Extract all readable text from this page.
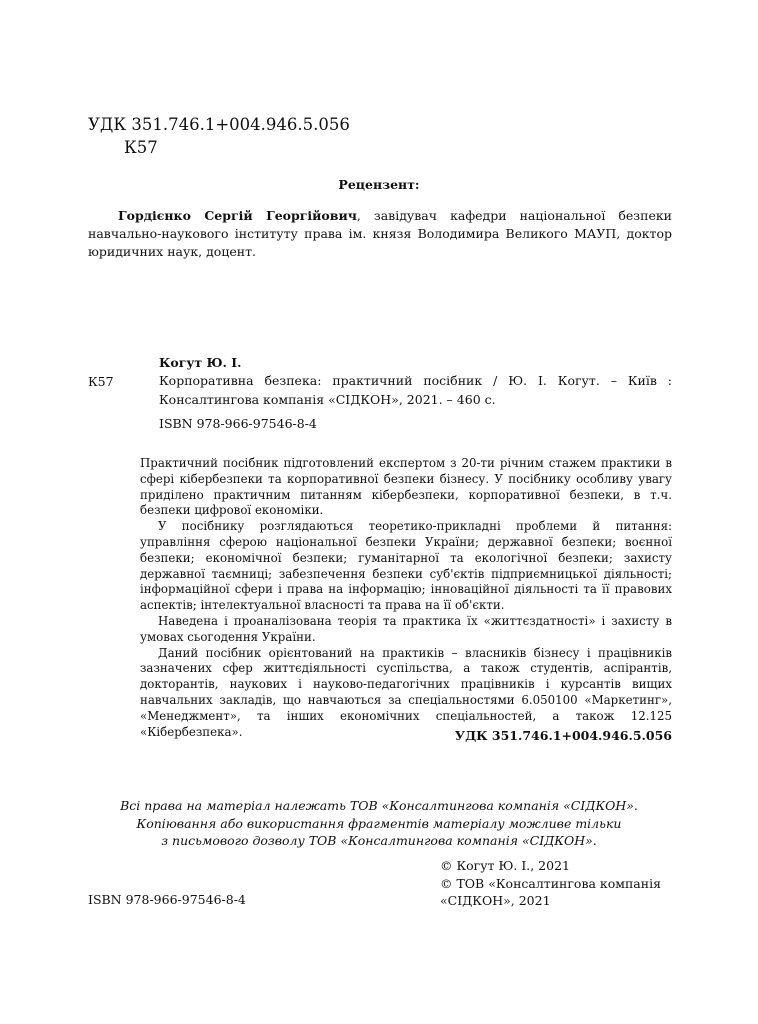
УДК 351.746.1+004.946.5.056
К57
Рецензент:
Гордієнко Сергій Георгійович, завідувач кафедри національної безпеки навчально-наукового інституту права ім. князя Володимира Великого МАУП, доктор юридичних наук, доцент.
Когут Ю. І.
К57	Корпоративна безпека: практичний посібник / Ю. І. Когут. – Київ : Консалтингова компанія «СІДКОН», 2021. – 460 с.
ISBN 978-966-97546-8-4

Практичний посібник підготовлений експертом з 20-ти річним стажем практики в сфері кібербезпеки та корпоративної безпеки бізнесу. У посібнику особливу увагу приділено практичним питанням кібербезпеки, корпоративної безпеки, в т.ч. безпеки цифрової економіки.

У посібнику розглядаються теоретико-прикладні проблеми й питання: управління сферою національної безпеки України; державної безпеки; воєнної безпеки; економічної безпеки; гуманітарної та екологічної безпеки; захисту державної таємниці; забезпечення безпеки суб'єктів підприємницької діяльності; інформаційної сфери і права на інформацію; інноваційної діяльності та її правових аспектів; інтелектуальної власності та права на її об'єкти.

Наведена і проаналізована теорія та практика їх «життєздатності» і захисту в умовах сьогодення України.

Даний посібник орієнтований на практиків – власників бізнесу і працівників зазначених сфер життєдіяльності суспільства, а також студентів, аспірантів, докторантів, наукових і науково-педагогічних працівників і курсантів вищих навчальних закладів, що навчаються за спеціальностями 6.050100 «Маркетинг», «Менеджмент», та інших економічних спеціальностей, а також 12.125 «Кібербезпека».	УДК 351.746.1+004.946.5.056
Всі права на матеріал належать ТОВ «Консалтингова компанія «СІДКОН».
Копіювання або використання фрагментів матеріалу можливе тільки
з письмового дозволу ТОВ «Консалтингова компанія «СІДКОН».
© Когут Ю. І., 2021
© ТОВ «Консалтингова компанія
«СІДКОН», 2021
ISBN 978-966-97546-8-4
